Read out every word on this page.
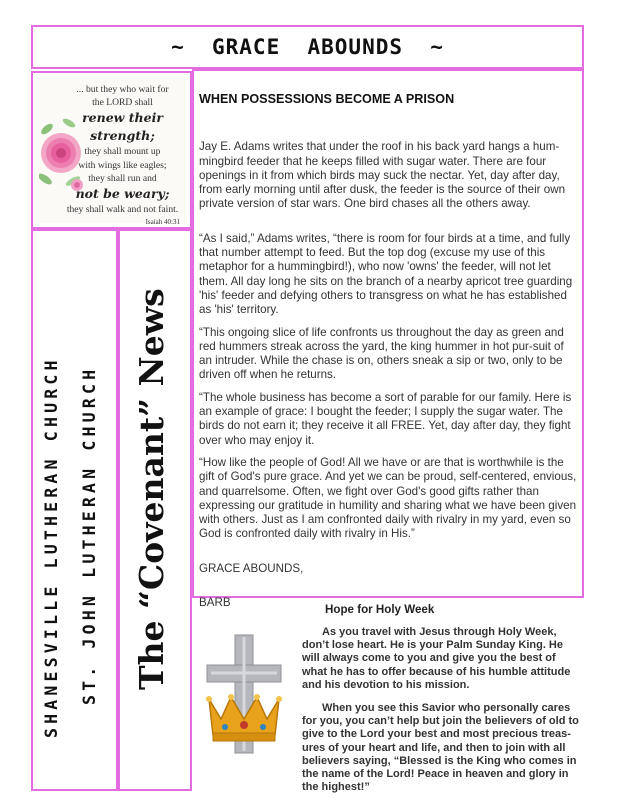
~  GRACE  ABOUNDS  ~
... but they who wait for
the LORD shall
renew their strength;
they shall mount up
with wings like eagles;
they shall run and
not be weary;
they shall walk and not faint.
Isaiah 40:31
SHANESVILLE LUTHERAN CHURCH ST. JOHN LUTHERAN CHURCH The “Covenant” News
WHEN POSSESSIONS BECOME A PRISON

Jay E. Adams writes that under the roof in his back yard hangs a hum-mingbird feeder that he keeps filled with sugar water. There are four openings in it from which birds may suck the nectar. Yet, day after day, from early morning until after dusk, the feeder is the source of their own private version of star wars. One bird chases all the others away.

“As I said,” Adams writes, “there is room for four birds at a time, and fully that number attempt to feed. But the top dog (excuse my use of this metaphor for a hummingbird!), who now 'owns' the feeder, will not let them. All day long he sits on the branch of a nearby apricot tree guarding 'his' feeder and defying others to transgress on what he has established as 'his' territory.

“This ongoing slice of life confronts us throughout the day as green and red hummers streak across the yard, the king hummer in hot pur-suit of an intruder. While the chase is on, others sneak a sip or two, only to be driven off when he returns.

“The whole business has become a sort of parable for our family. Here is an example of grace: I bought the feeder; I supply the sugar water. The birds do not earn it; they receive it all FREE. Yet, day after day, they fight over who may enjoy it.

“How like the people of God! All we have or are that is worthwhile is the gift of God's pure grace. And yet we can be proud, self-centered, envious, and quarrelsome. Often, we fight over God's good gifts rather than expressing our gratitude in humility and sharing what we have been given with others. Just as I am confronted daily with rivalry in my yard, even so God is confronted daily with rivalry in His.”

GRACE ABOUNDS,

BARB

Hope for Holy Week

As you travel with Jesus through Holy Week, don’t lose heart. He is your Palm Sunday King. He will always come to you and give you the best of what he has to offer because of his humble attitude and his devotion to his mission.

When you see this Savior who personally cares for you, you can’t help but join the believers of old to give to the Lord your best and most precious treas-ures of your heart and life, and then to join with all believers saying, “Blessed is the King who comes in the name of the Lord! Peace in heaven and glory in the highest!”
